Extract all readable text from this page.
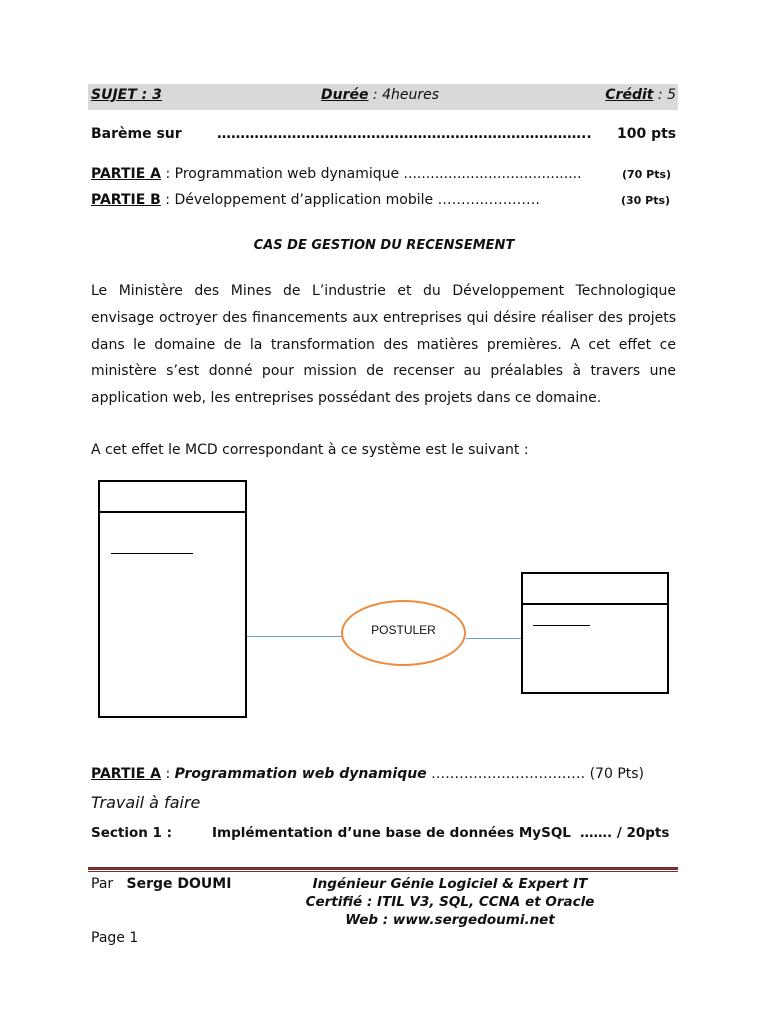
SUJET : 3	Durée : 4heures	Crédit : 5
Barème sur	…………………………………………………………………….. 100 pts
PARTIE A : Programmation web dynamique ........................................	(70 Pts)
PARTIE B : Développement d’application mobile ……….…………	(30 Pts)
CAS DE GESTION DU RECENSEMENT

Le Ministère des Mines de L’industrie et du Développement Technologique envisage octroyer des financements aux entreprises qui désire réaliser des projets dans le domaine de la transformation des matières premières. A cet effet ce ministère s’est donné pour mission de recenser au préalables à travers une application web, les entreprises possédant des projets dans ce domaine.

A cet effet le MCD correspondant à ce système est le suivant :
POSTULER
PARTIE A : Programmation web dynamique …………………………… (70 Pts)
Travail à faire
Section 1 :	Implémentation d’une base de données MySQL ……. / 20pts
Par Serge DOUMI	Ingénieur Génie Logiciel & Expert IT
Certifié : ITIL V3, SQL, CCNA et Oracle
Web : www.sergedoumi.net
Page 1
